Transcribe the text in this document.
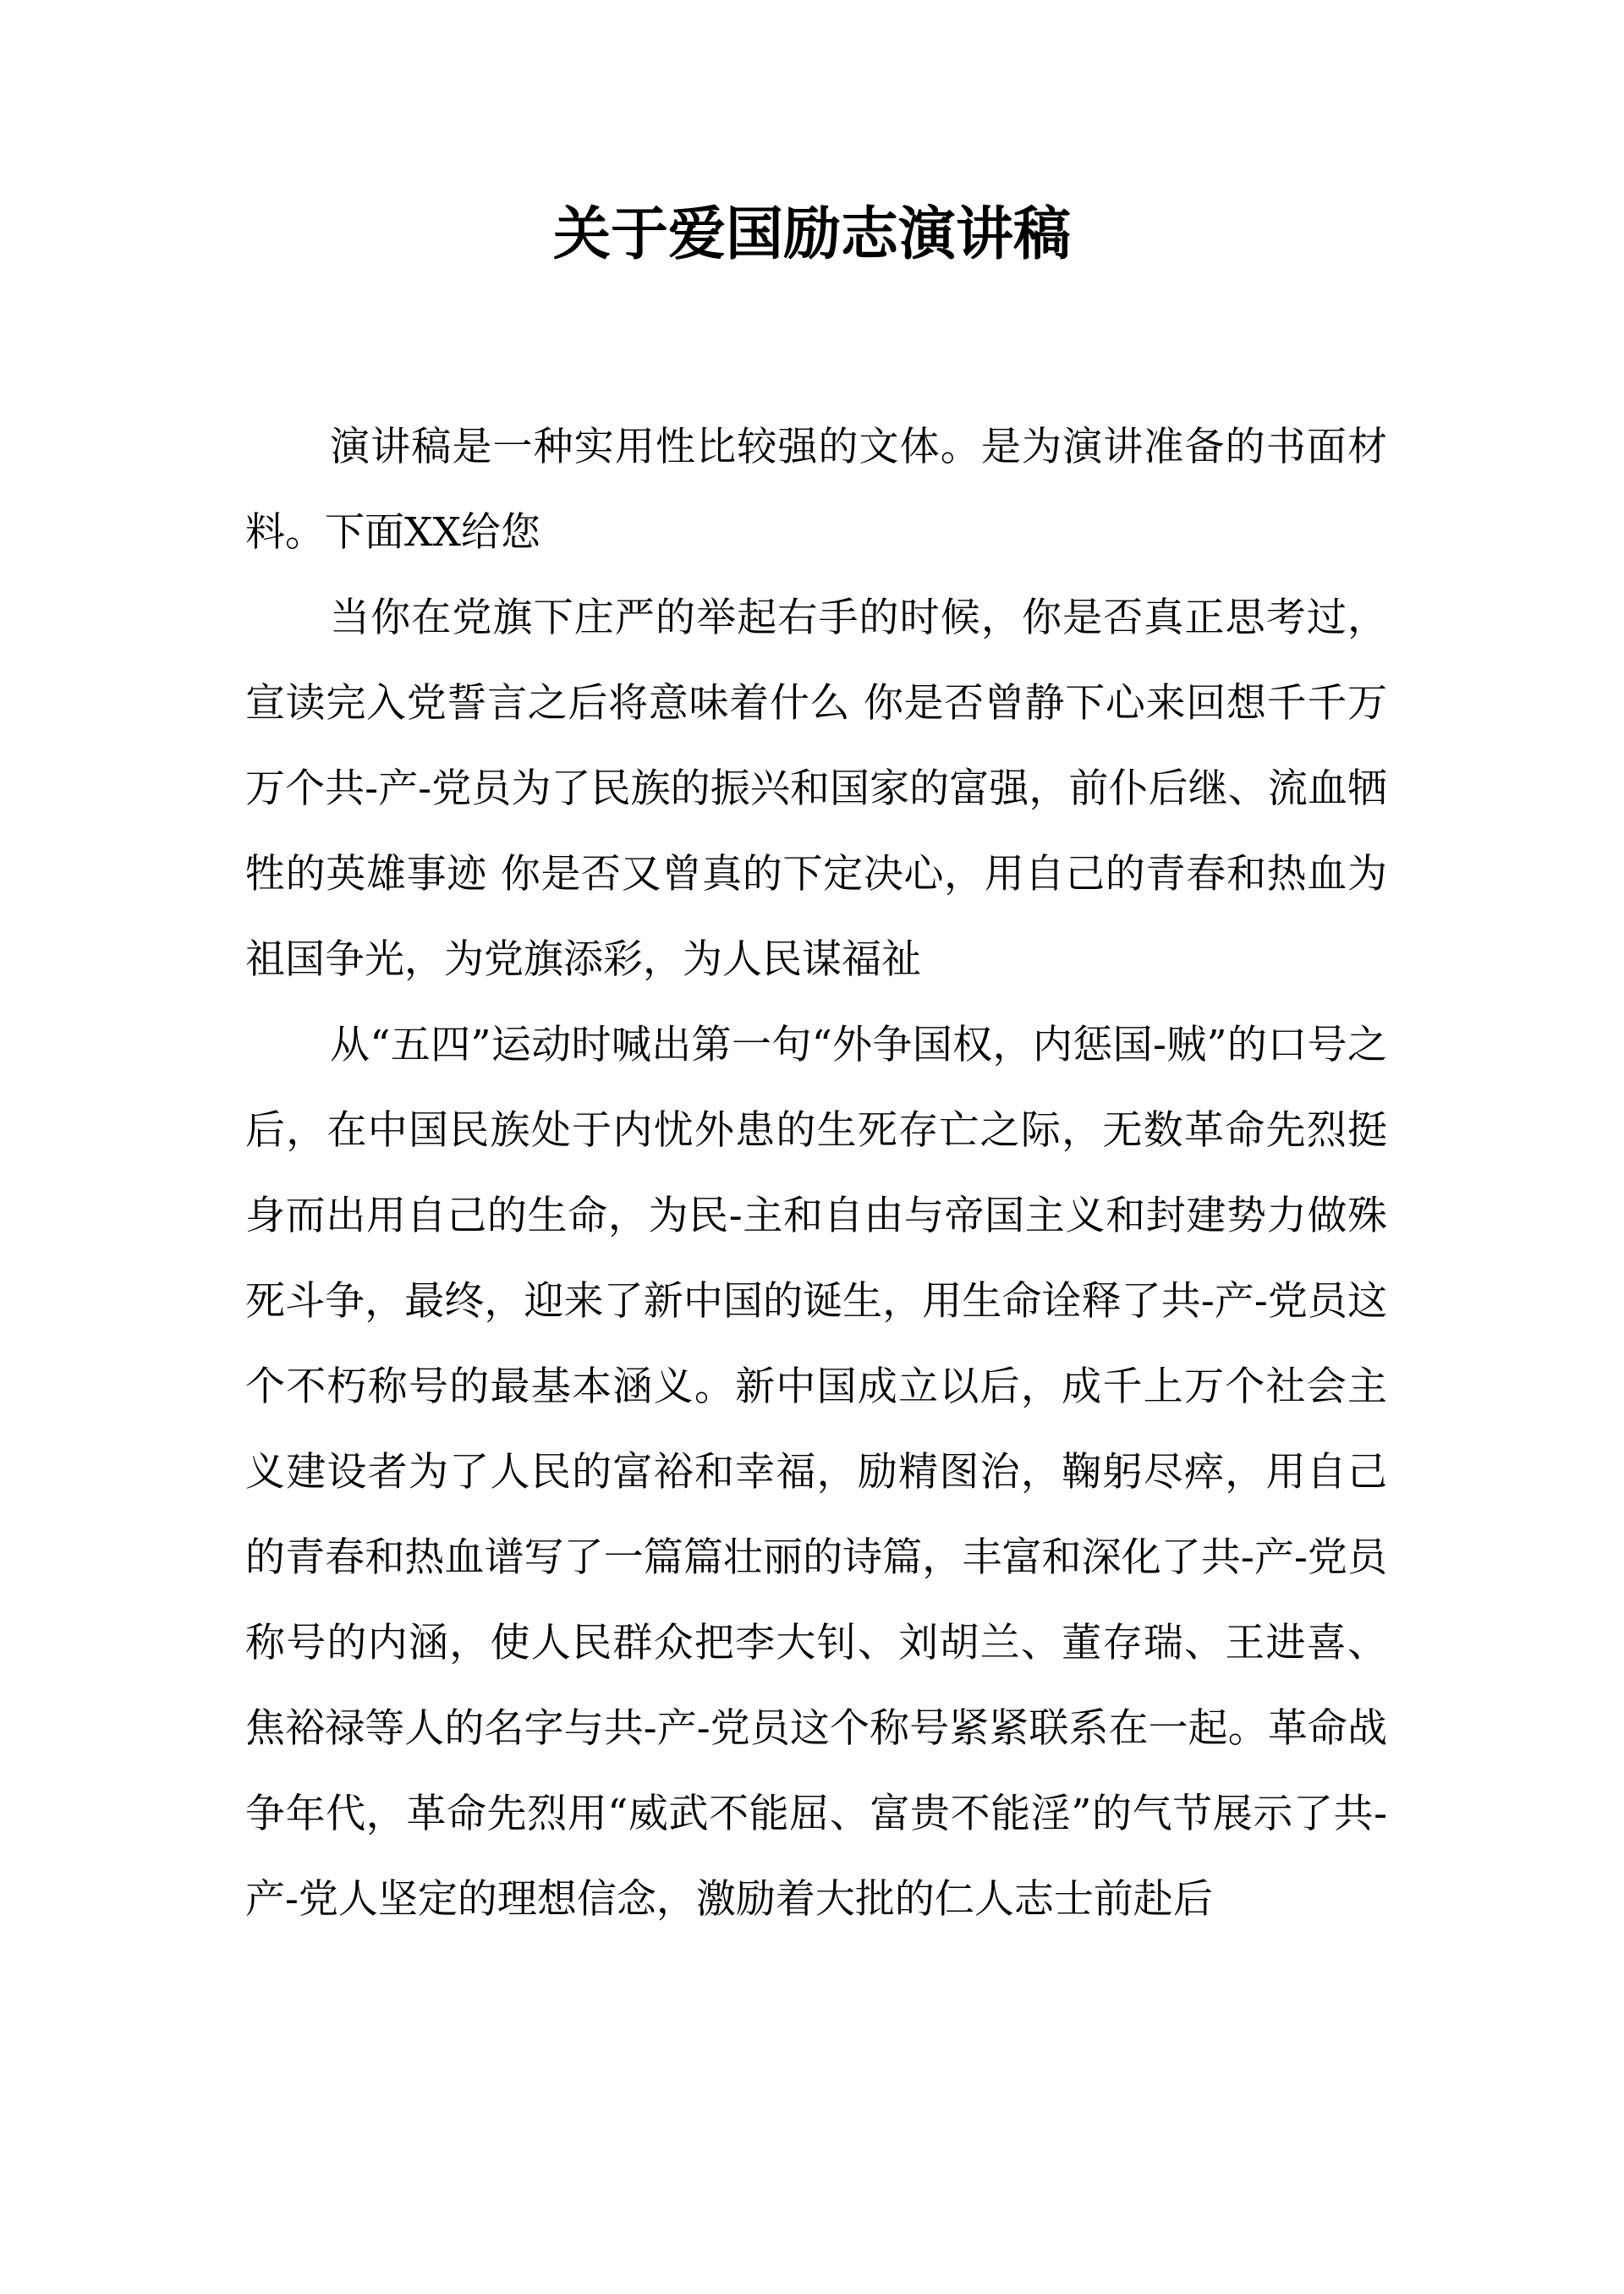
关于爱国励志演讲稿

演讲稿是一种实用性比较强的文体。是为演讲准备的书面材料。下面XX给您

当你在党旗下庄严的举起右手的时候，你是否真正思考过，宣读完入党誓言之后将意味着什么 你是否曾静下心来回想千千万万个共-产-党员为了民族的振兴和国家的富强，前仆后继、流血牺牲的英雄事迹 你是否又曾真的下定决心，用自己的青春和热血为祖国争光，为党旗添彩，为人民谋福祉

从“五四”运动时喊出第一句“外争国权，内惩国-贼”的口号之后，在中国民族处于内忧外患的生死存亡之际，无数革命先烈挺身而出用自己的生命，为民-主和自由与帝国主义和封建势力做殊死斗争，最终，迎来了新中国的诞生，用生命诠释了共-产-党员这个不朽称号的最基本涵义。新中国成立以后，成千上万个社会主义建设者为了人民的富裕和幸福，励精图治，鞠躬尽瘁，用自己的青春和热血谱写了一篇篇壮丽的诗篇，丰富和深化了共-产-党员称号的内涵，使人民群众把李大钊、刘胡兰、董存瑞、王进喜、焦裕禄等人的名字与共-产-党员这个称号紧紧联系在一起。革命战争年代，革命先烈用“威武不能屈、富贵不能淫”的气节展示了共-产-党人坚定的理想信念，激励着大批的仁人志士前赴后
